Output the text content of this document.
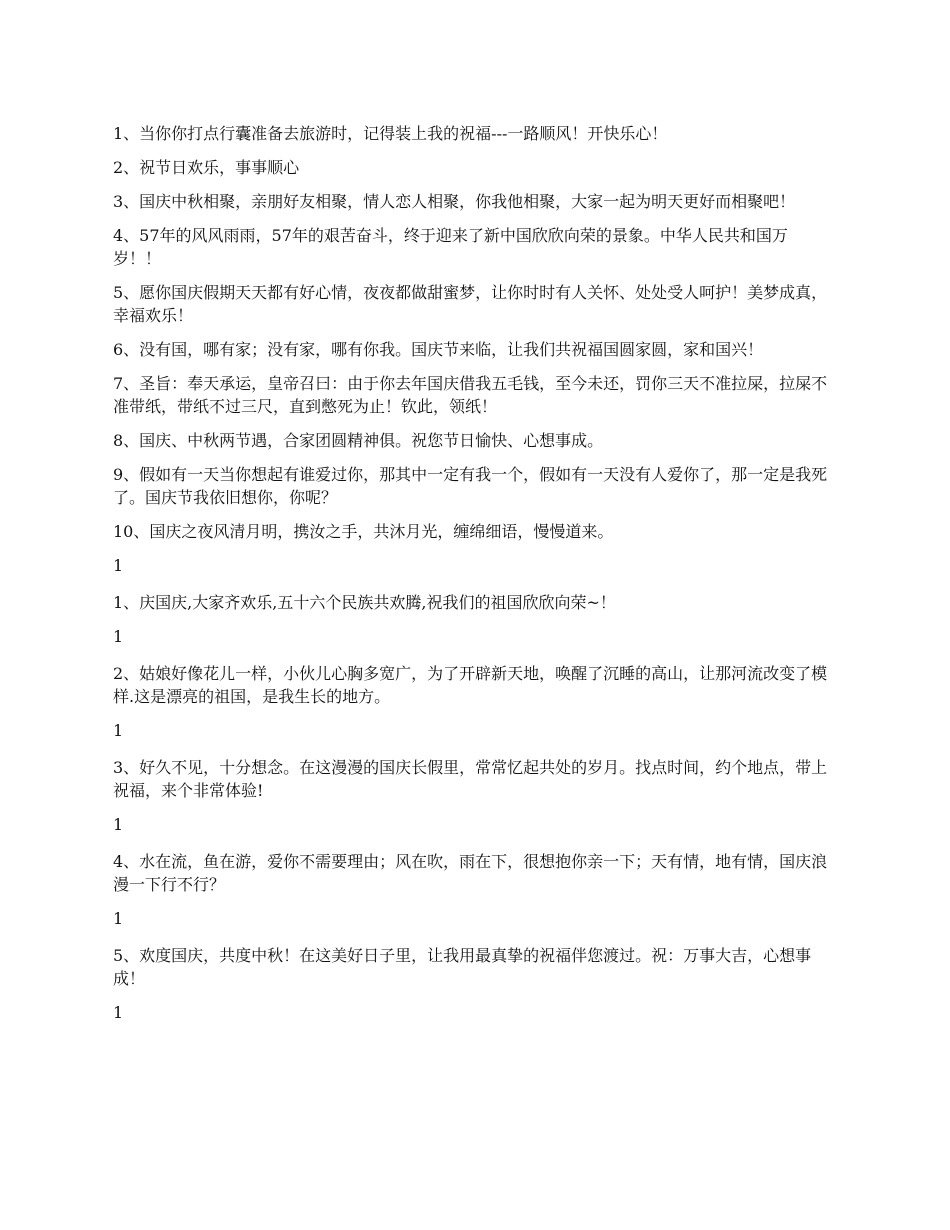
1、当你你打点行囊准备去旅游时，记得装上我的祝福---一路顺风！开快乐心！

2、祝节日欢乐，事事顺心

3、国庆中秋相聚，亲朋好友相聚，情人恋人相聚，你我他相聚，大家一起为明天更好而相聚吧！

4、57年的风风雨雨，57年的艰苦奋斗，终于迎来了新中国欣欣向荣的景象。中华人民共和国万岁！！

5、愿你国庆假期天天都有好心情，夜夜都做甜蜜梦，让你时时有人关怀、处处受人呵护！美梦成真，幸福欢乐！

6、没有国，哪有家；没有家，哪有你我。国庆节来临，让我们共祝福国圆家圆，家和国兴！

7、圣旨：奉天承运，皇帝召曰：由于你去年国庆借我五毛钱，至今未还，罚你三天不准拉屎，拉屎不准带纸，带纸不过三尺，直到憋死为止！钦此，领纸！

8、国庆、中秋两节遇，合家团圆精神俱。祝您节日愉快、心想事成。

9、假如有一天当你想起有谁爱过你，那其中一定有我一个，假如有一天没有人爱你了，那一定是我死了。国庆节我依旧想你，你呢？

10、国庆之夜风清月明，携汝之手，共沐月光，缠绵细语，慢慢道来。

1

1、庆国庆,大家齐欢乐,五十六个民族共欢腾,祝我们的祖国欣欣向荣~！

1

2、姑娘好像花儿一样，小伙儿心胸多宽广，为了开辟新天地，唤醒了沉睡的高山，让那河流改变了模样.这是漂亮的祖国，是我生长的地方。

1

3、好久不见，十分想念。在这漫漫的国庆长假里，常常忆起共处的岁月。找点时间，约个地点，带上祝福，来个非常体验!

1

4、水在流，鱼在游，爱你不需要理由；风在吹，雨在下，很想抱你亲一下；天有情，地有情，国庆浪漫一下行不行？

1

5、欢度国庆，共度中秋！在这美好日子里，让我用最真挚的祝福伴您渡过。祝：万事大吉，心想事成！

1
